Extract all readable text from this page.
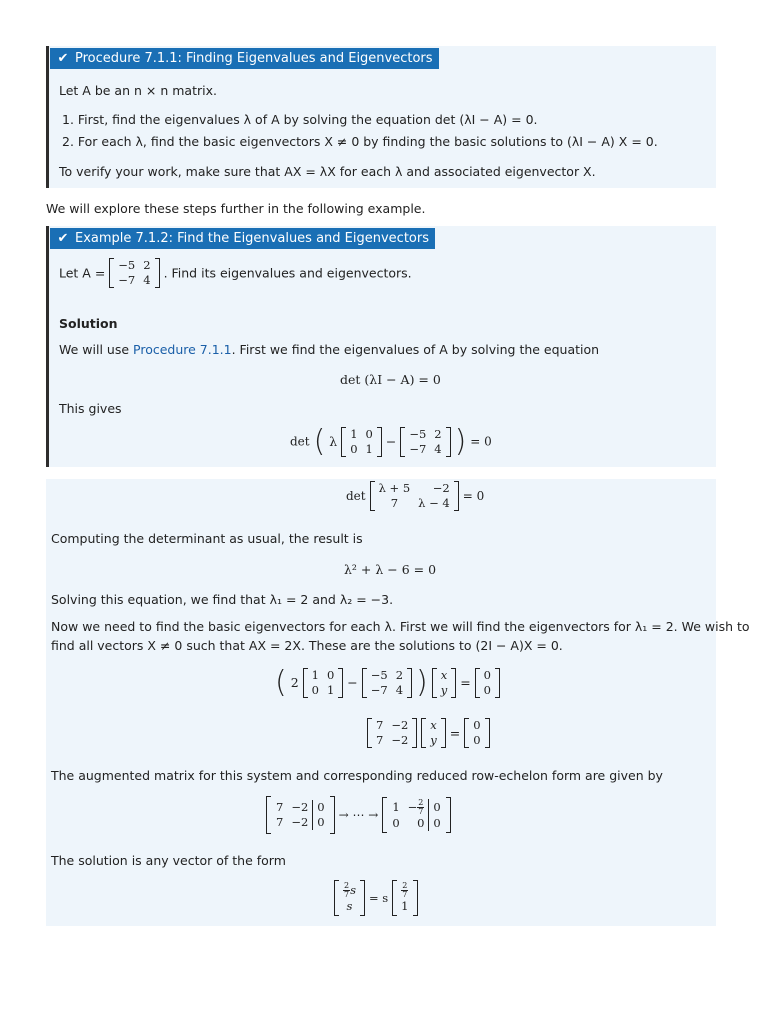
✔ Procedure 7.1.1: Finding Eigenvalues and Eigenvectors
Let A be an n × n matrix.
1. First, find the eigenvalues λ of A by solving the equation det (λI − A) = 0.
2. For each λ, find the basic eigenvectors X ≠ 0 by finding the basic solutions to (λI − A) X = 0.
To verify your work, make sure that AX = λX for each λ and associated eigenvector X.
We will explore these steps further in the following example.
✔ Example 7.1.2: Find the Eigenvalues and Eigenvectors
Let A =
−5	2
−7	4 . Find its eigenvalues and eigenvectors.
Solution
We will use Procedure 7.1.1. First we find the eigenvalues of A by solving the equation
det (λI − A) = 0
This gives
det ( λ
1	0
0	1 −
−5	2
−7	4 ) = 0
det
λ + 5	−2
7	λ − 4 = 0
Computing the determinant as usual, the result is
λ² + λ − 6 = 0
Solving this equation, we find that λ₁ = 2 and λ₂ = −3.
Now we need to find the basic eigenvectors for each λ. First we will find the eigenvectors for λ₁ = 2. We wish to
find all vectors X ≠ 0 such that AX = 2X. These are the solutions to (2I − A)X = 0.
( 2
1	0
0	1 −
−5	2
−7	4 ) x
y =
0
0
7	−2
7	−2

x
y =
0
0
The augmented matrix for this system and corresponding reduced row-echelon form are given by
7	−2	0
7	−2	0 → ⋯ →
1	− $\frac{2}{7}$	0
0	0	0
The solution is any vector of the form
$\frac{2}{7}$ s
s
= s $\frac{2}{7}$

1
